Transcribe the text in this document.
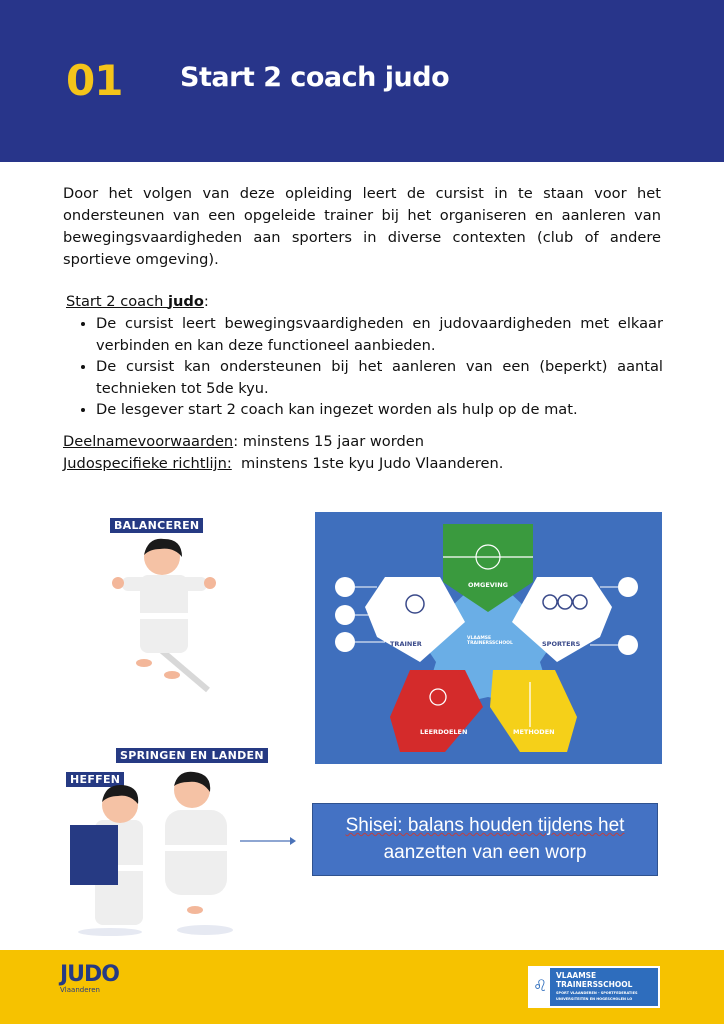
01 Start 2 coach judo

Door het volgen van deze opleiding leert de cursist in te staan voor het ondersteunen van een opgeleide trainer bij het organiseren en aanleren van bewegingsvaardigheden aan sporters in diverse contexten (club of andere sportieve omgeving).

Start 2 coach judo:
• De cursist leert bewegingsvaardigheden en judovaardigheden met elkaar verbinden en kan deze functioneel aanbieden.
• De cursist kan ondersteunen bij het aanleren van een (beperkt) aantal technieken tot 5de kyu.
• De lesgever start 2 coach kan ingezet worden als hulp op de mat.
Deelnamevoorwaarden: minstens 15 jaar worden
Judospecifieke richtlijn:  minstens 1ste kyu Judo Vlaanderen.
BALANCEREN
SPRINGEN EN LANDEN
HEFFEN
OMGEVING
TRAINER	SPORTERS
LEERDOELEN	METHODEN
VLAAMSE TRAINERSSCHOOL
Shisei: balans houden tijdens het
aanzetten van een worp
JUDO
Vlaanderen	♌
VLAAMSE
TRAINERSSCHOOL
SPORT VLAANDEREN - SPORTFEDERATIES
UNIVERSITEITEN EN HOGESCHOLEN LO
